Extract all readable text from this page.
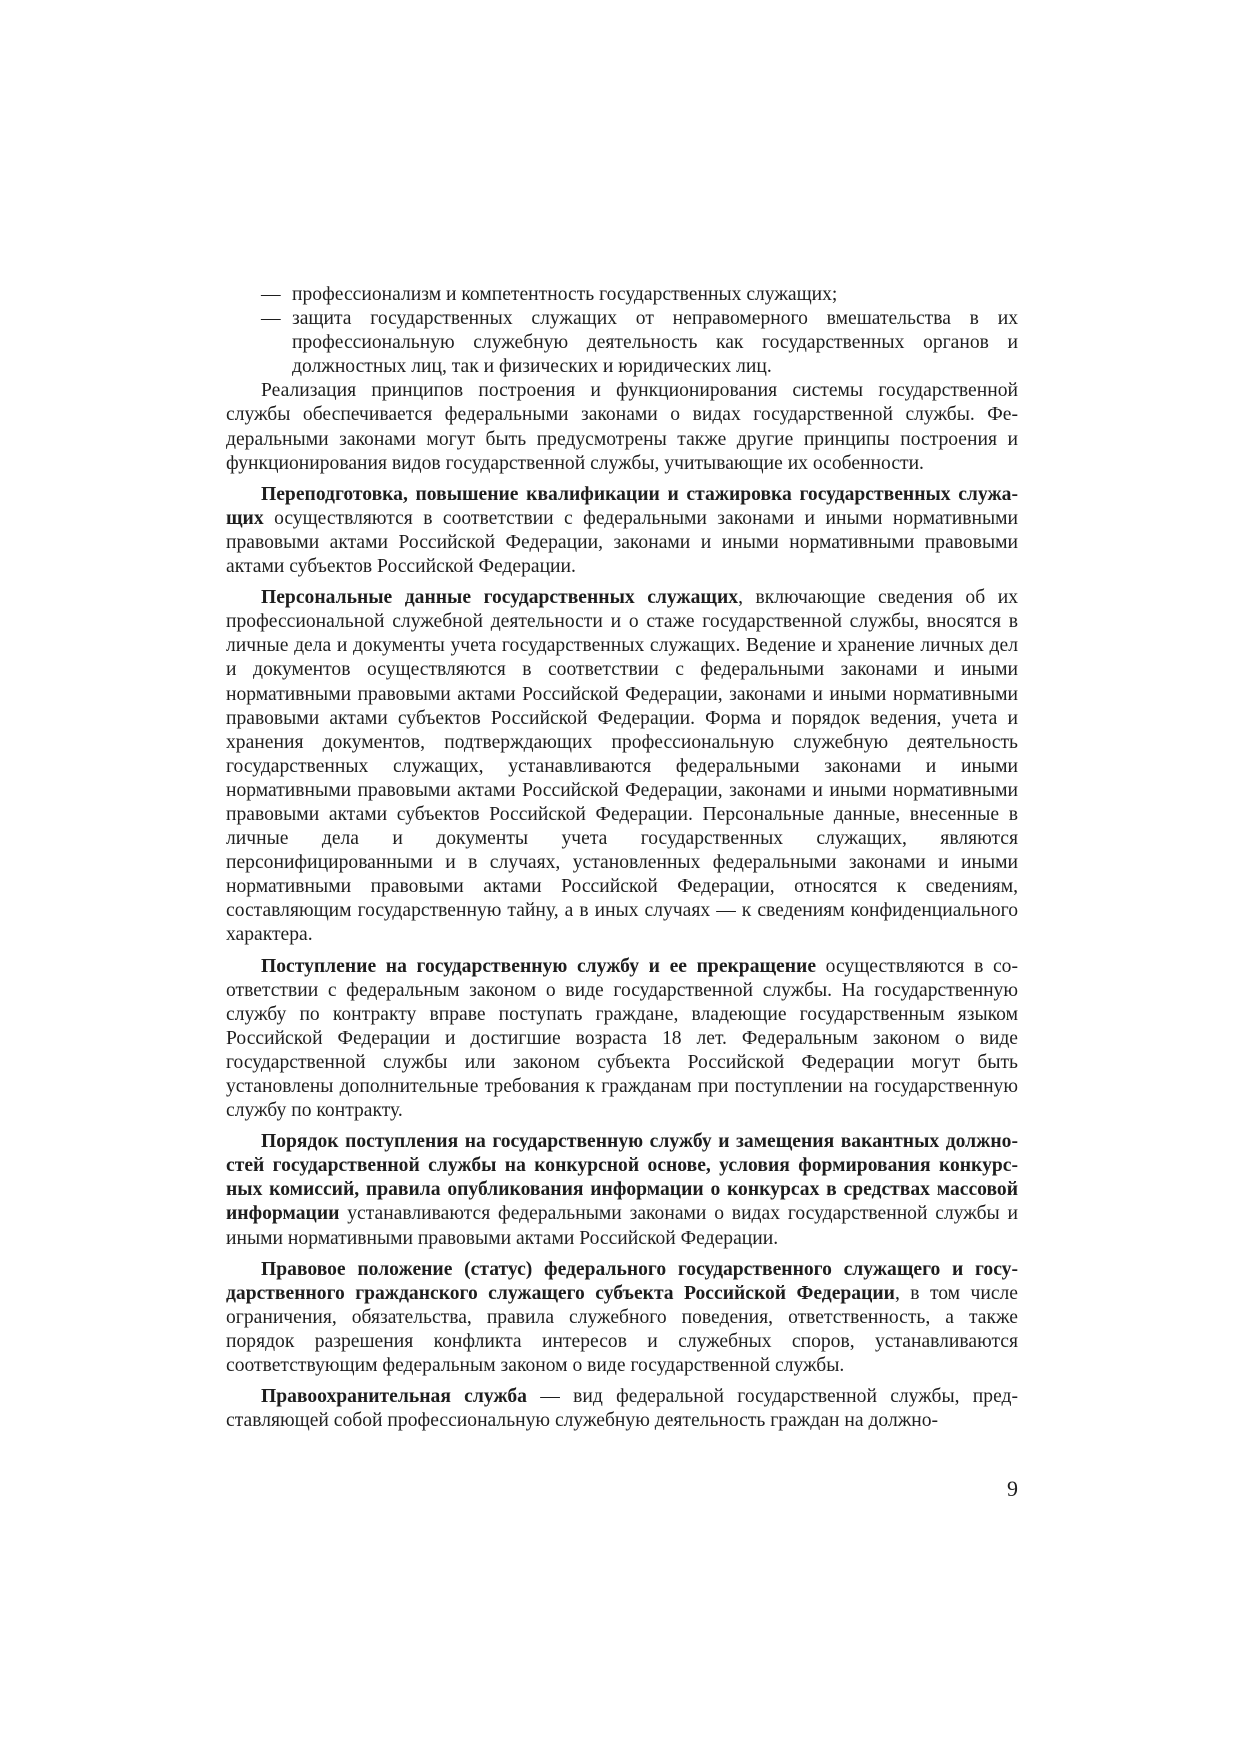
— профессионализм и компетентность государственных служащих;
— защита государственных служащих от неправомерного вмешательства в их профессиональную служебную деятельность как государственных органов и должностных лиц, так и физических и юридических лиц.

Реализация принципов построения и функционирования системы государственной службы обеспечивается федеральными законами о видах государственной службы. Федеральными законами могут быть предусмотрены также другие принципы построения и функционирования видов государственной службы, учитывающие их особенности.

Переподготовка, повышение квалификации и стажировка государственных служащих осуществляются в соответствии с федеральными законами и иными нормативными правовыми актами Российской Федерации, законами и иными нормативными правовыми актами субъектов Российской Федерации.

Персональные данные государственных служащих, включающие сведения об их профессиональной служебной деятельности и о стаже государственной службы, вносятся в личные дела и документы учета государственных служащих. Ведение и хранение личных дел и документов осуществляются в соответствии с федеральными законами и иными нормативными правовыми актами Российской Федерации, законами и иными нормативными правовыми актами субъектов Российской Федерации. Форма и порядок ведения, учета и хранения документов, подтверждающих профессиональную служебную деятельность государственных служащих, устанавливаются федеральными законами и иными нормативными правовыми актами Российской Федерации, законами и иными нормативными правовыми актами субъектов Российской Федерации. Персональные данные, внесенные в личные дела и документы учета государственных служащих, являются персонифицированными и в случаях, установленных федеральными законами и иными нормативными правовыми актами Российской Федерации, относятся к сведениям, составляющим государственную тайну, а в иных случаях — к сведениям конфиденциального характера.

Поступление на государственную службу и ее прекращение осуществляются в соответствии с федеральным законом о виде государственной службы. На государственную службу по контракту вправе поступать граждане, владеющие государственным языком Российской Федерации и достигшие возраста 18 лет. Федеральным законом о виде государственной службы или законом субъекта Российской Федерации могут быть установлены дополнительные требования к гражданам при поступлении на государственную службу по контракту.

Порядок поступления на государственную службу и замещения вакантных должностей государственной службы на конкурсной основе, условия формирования конкурсных комиссий, правила опубликования информации о конкурсах в средствах массовой информации устанавливаются федеральными законами о видах государственной службы и иными нормативными правовыми актами Российской Федерации.

Правовое положение (статус) федерального государственного служащего и государственного гражданского служащего субъекта Российской Федерации, в том числе ограничения, обязательства, правила служебного поведения, ответственность, а также порядок разрешения конфликта интересов и служебных споров, устанавливаются соответствующим федеральным законом о виде государственной службы.

Правоохранительная служба — вид федеральной государственной службы, представляющей собой профессиональную служебную деятельность граждан на должно-

9
